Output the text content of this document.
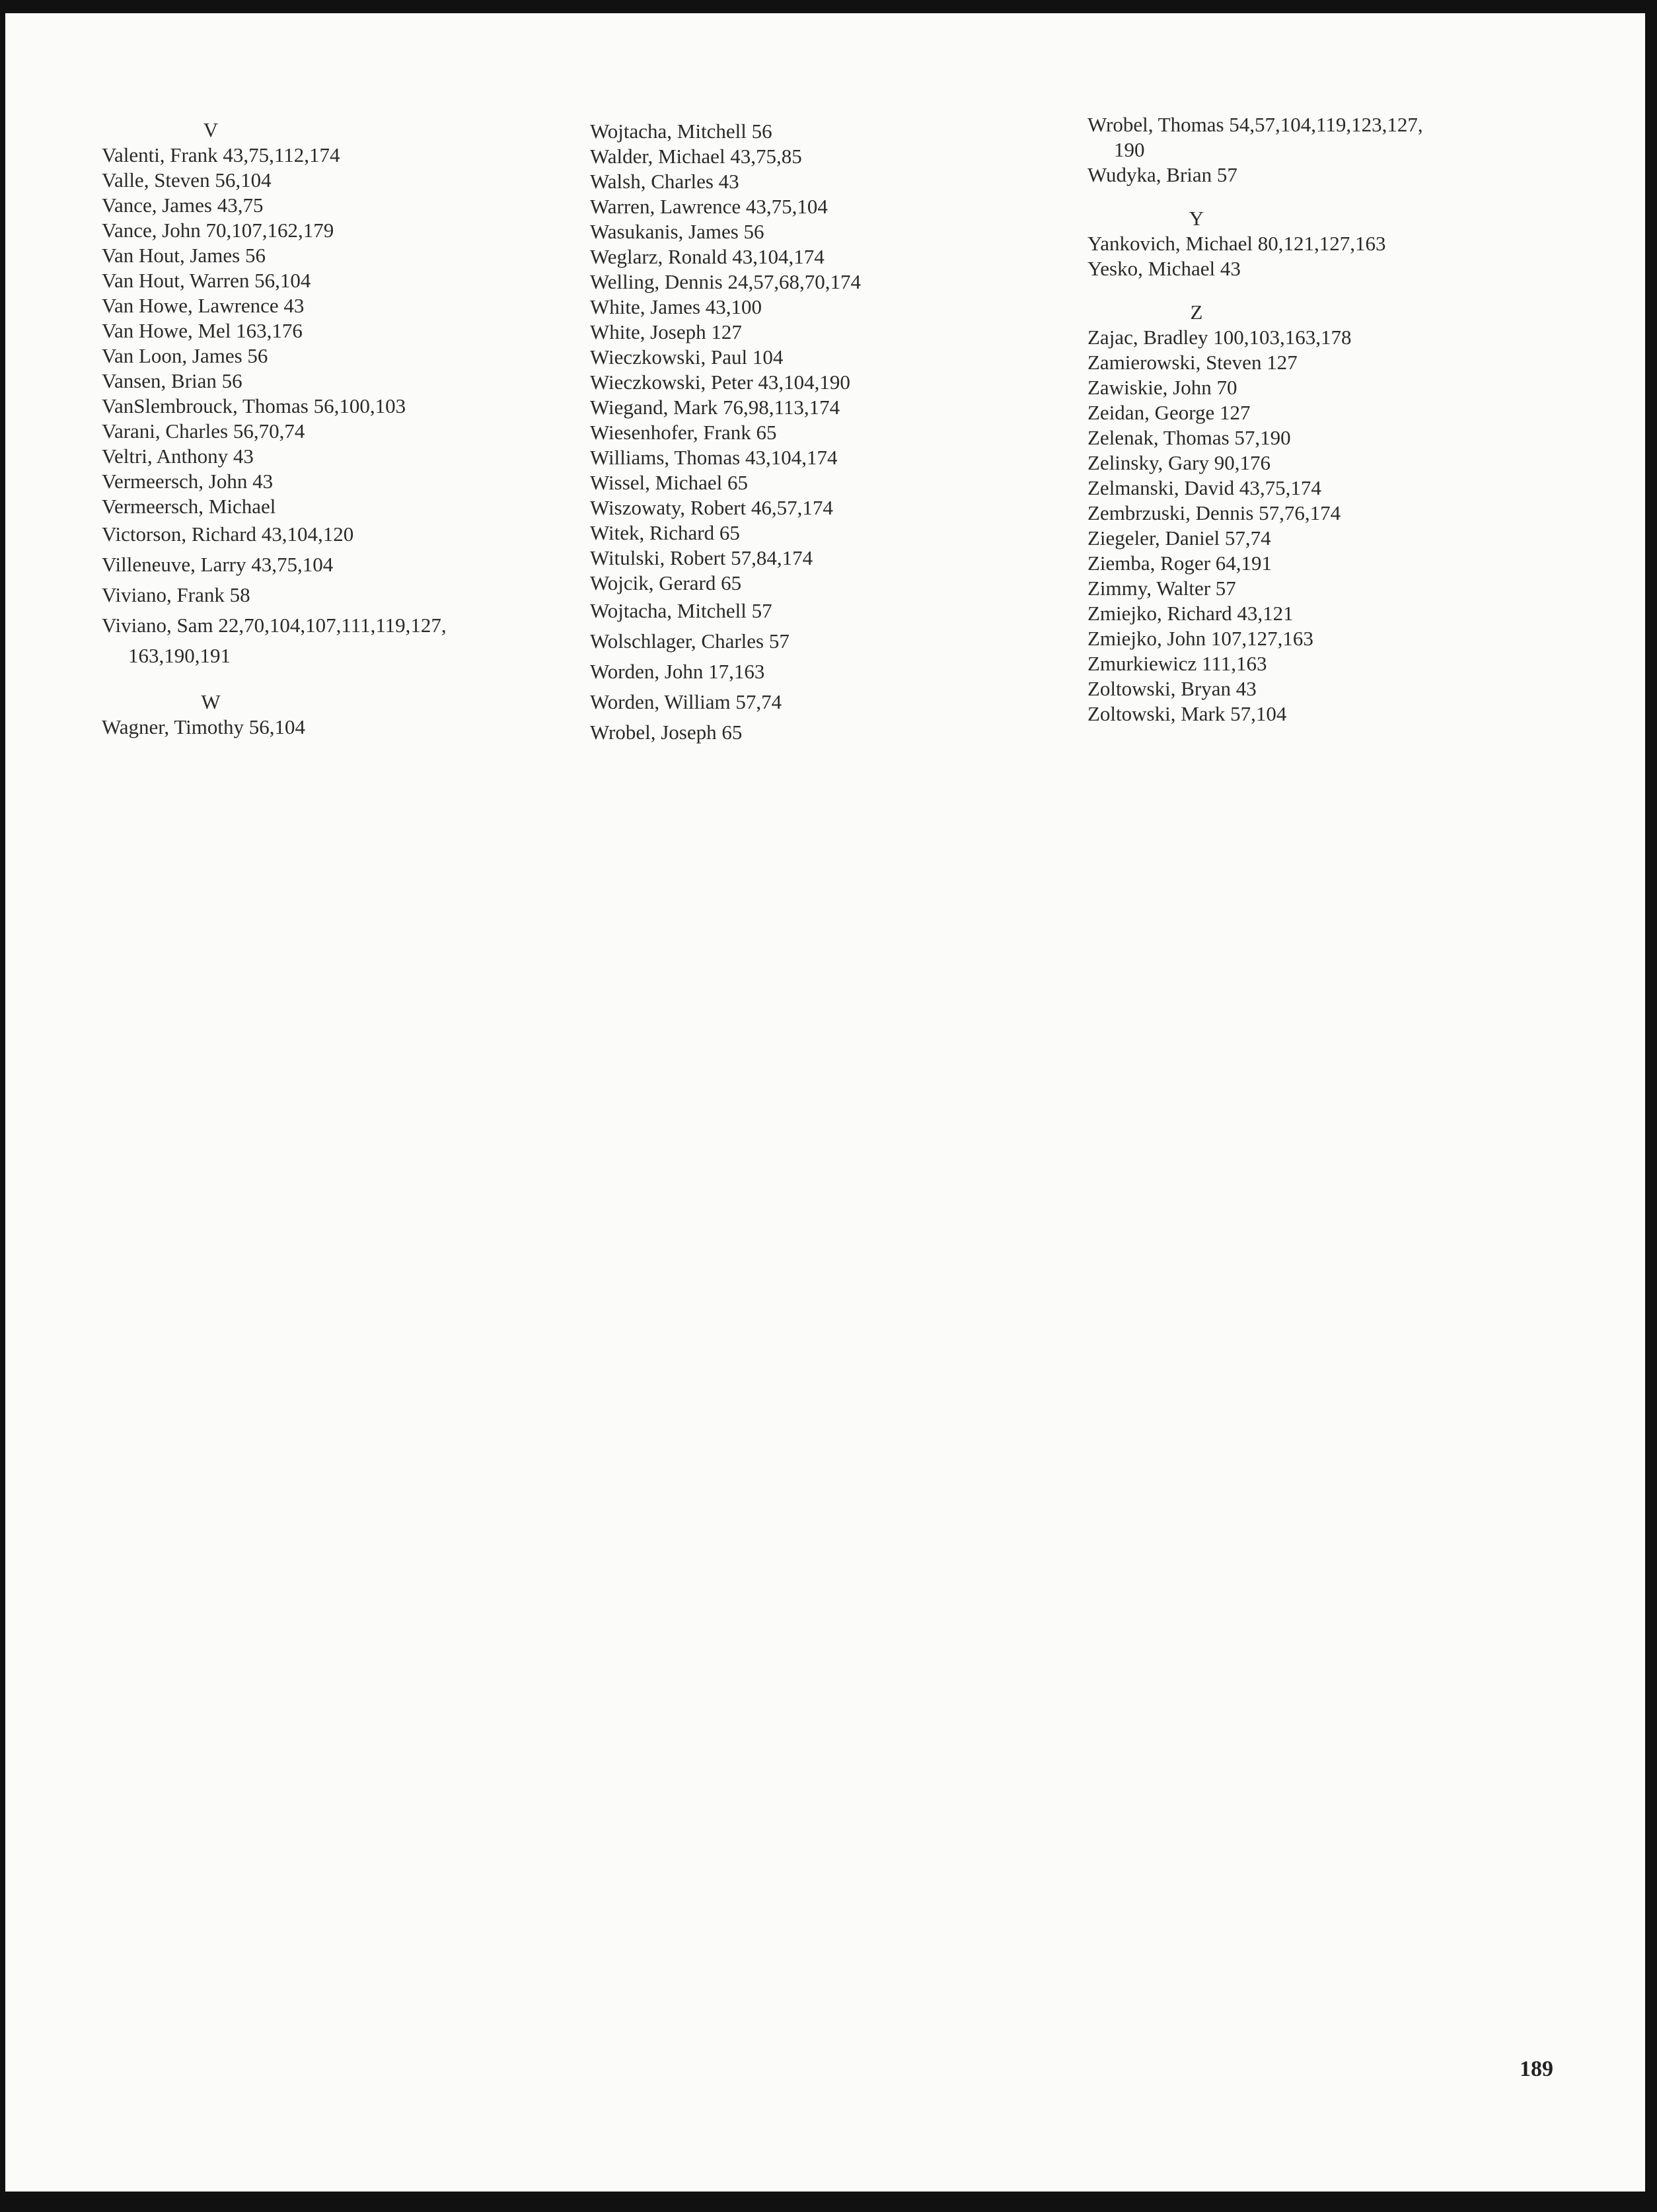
V
Valenti, Frank 43,75,112,174
Valle, Steven 56,104
Vance, James 43,75
Vance, John 70,107,162,179
Van Hout, James 56
Van Hout, Warren 56,104
Van Howe, Lawrence 43
Van Howe, Mel 163,176
Van Loon, James 56
Vansen, Brian 56
VanSlembrouck, Thomas 56,100,103
Varani, Charles 56,70,74
Veltri, Anthony 43
Vermeersch, John 43
Vermeersch, Michael
Victorson, Richard 43,104,120
Villeneuve, Larry 43,75,104
Viviano, Frank 58
Viviano, Sam 22,70,104,107,111,119,127,
163,190,191
W
Wagner, Timothy 56,104
Wojtacha, Mitchell 56
Walder, Michael 43,75,85
Walsh, Charles 43
Warren, Lawrence 43,75,104
Wasukanis, James 56
Weglarz, Ronald 43,104,174
Welling, Dennis 24,57,68,70,174
White, James 43,100
White, Joseph 127
Wieczkowski, Paul 104
Wieczkowski, Peter 43,104,190
Wiegand, Mark 76,98,113,174
Wiesenhofer, Frank 65
Williams, Thomas 43,104,174
Wissel, Michael 65
Wiszowaty, Robert 46,57,174
Witek, Richard 65
Witulski, Robert 57,84,174
Wojcik, Gerard 65
Wojtacha, Mitchell 57
Wolschlager, Charles 57
Worden, John 17,163
Worden, William 57,74
Wrobel, Joseph 65
Wrobel, Thomas 54,57,104,119,123,127,
190
Wudyka, Brian 57
Y
Yankovich, Michael 80,121,127,163
Yesko, Michael 43
Z
Zajac, Bradley 100,103,163,178
Zamierowski, Steven 127
Zawiskie, John 70
Zeidan, George 127
Zelenak, Thomas 57,190
Zelinsky, Gary 90,176
Zelmanski, David 43,75,174
Zembrzuski, Dennis 57,76,174
Ziegeler, Daniel 57,74
Ziemba, Roger 64,191
Zimmy, Walter 57
Zmiejko, Richard 43,121
Zmiejko, John 107,127,163
Zmurkiewicz 111,163
Zoltowski, Bryan 43
Zoltowski, Mark 57,104
189
